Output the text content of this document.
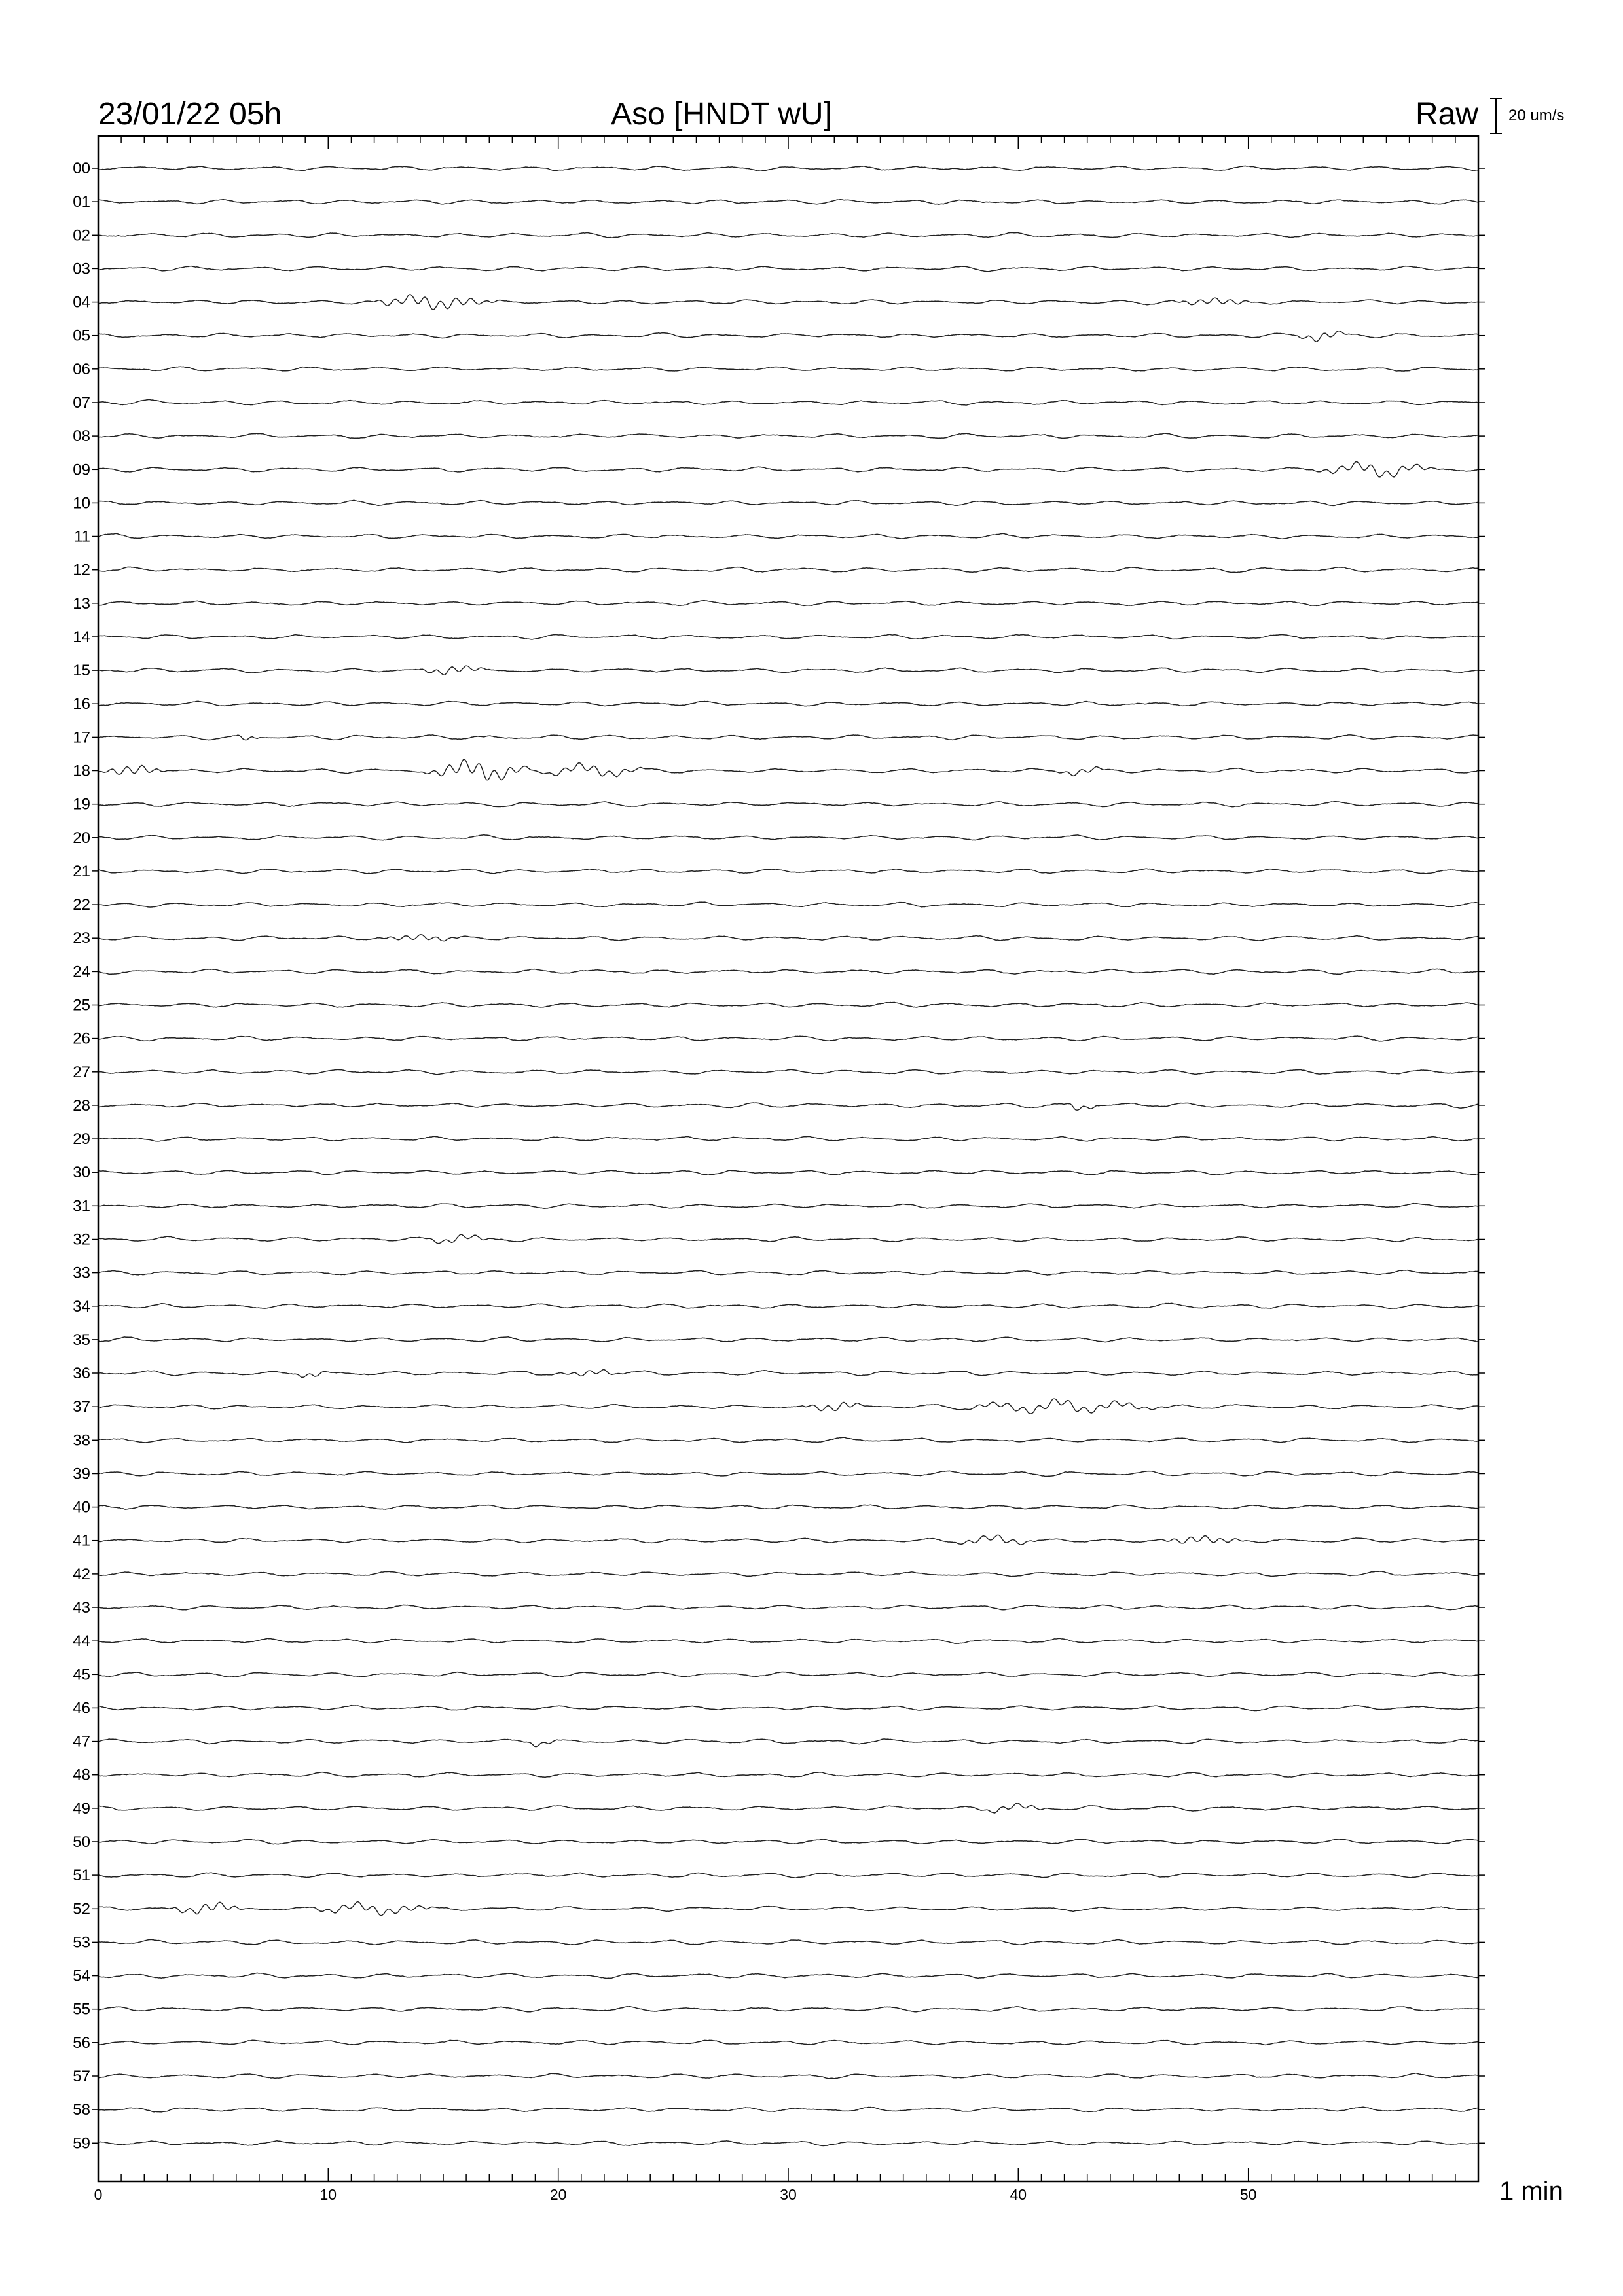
23/01/22 05h	Aso [HNDT wU]	Raw 20 um/s
00
01
02
03
04
05
06
07
08
09
10
11
12
13
14
15
16
17
18
19
20
21
22
23
24
25
26
27
28
29
30
31
32
33
34
35
36
37
38
39
40
41
42
43
44
45
46
47
48
49
50
51
52
53
54
55
56
57
58
59
0	10	20	30	40	50	1 min
